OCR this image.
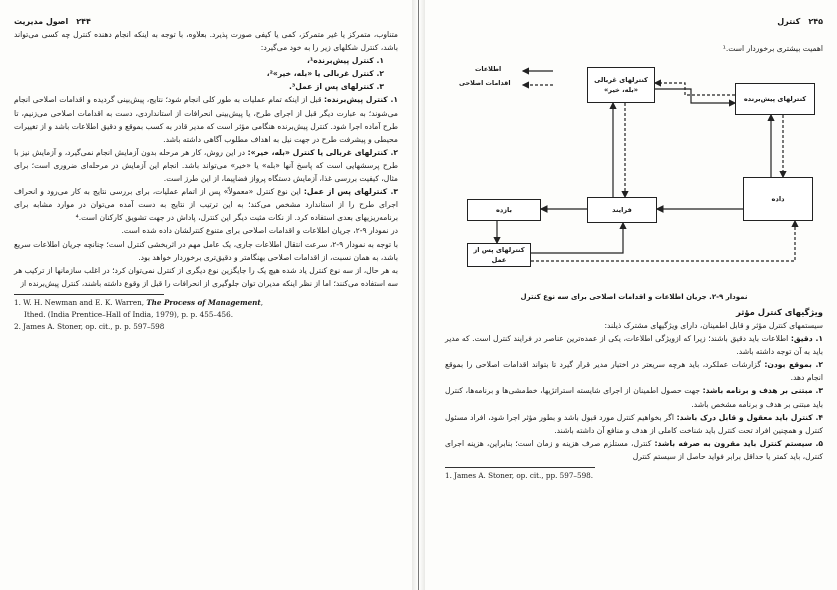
۲۴۴
اصول مدیریت

متناوب، متمرکز یا غیر متمرکز، کمی یا کیفی صورت پذیرد. بعلاوه، با توجه به اینکه انجام دهنده کنترل چه کسی می‌تواند باشد، کنترل شکلهای زیر را به خود می‌گیرد:

۱. کنترل پیش‌برنده¹،
۲. کنترل غربالی یا «بله، خیر»²،
۳. کنترلهای پس از عمل³.

۱. کنترل پیش‌برنده: قبل از اینکه تمام عملیات به طور کلی انجام شود؛ نتایج، پیش‌بینی گردیده و اقدامات اصلاحی انجام می‌شوند؛ به عبارت دیگر قبل از اجرای طرح، یا پیش‌بینی انحرافات از استانداردی، دست به اقدامات اصلاحی می‌زنیم، تا طرح آماده اجرا شود. کنترل پیش‌برنده هنگامی مؤثر است که مدیر قادر به کسب بموقع و دقیق اطلاعات باشد و از تغییرات محیطی و پیشرفت طرح در جهت نیل به اهداف مطلوب آگاهی داشته باشد.

۲. کنترلهای غربالی یا کنترل «بله، خیر»: در این روش، کار هر مرحله بدون آزمایش انجام نمی‌گیرد، و آزمایش نیز با طرح پرسشهایی است که پاسخ آنها «بله» یا «خیر» می‌تواند باشد. انجام این آزمایش در مرحله‌ای ضروری است؛ برای مثال، کیفیت بررسی غذا، آزمایش دستگاه پرواز فضاپیما، از این طرز است.

۳. کنترلهای پس از عمل: این نوع کنترل «معمولاً» پس از اتمام عملیات، برای بررسی نتایج به کار می‌رود و انحراف اجرای طرح را از استاندارد مشخص می‌کند؛ به این ترتیب از نتایج به دست آمده می‌توان در موارد مشابه برای برنامه‌ریزیهای بعدی استفاده کرد. از نکات مثبت دیگر این کنترل، پاداش در جهت تشویق کارکنان است.⁴

در نمودار ۹-۲، جریان اطلاعات و اقدامات اصلاحی برای متنوع کنترلشان داده شده است.

با توجه به نمودار ۹-۲، سرعت انتقال اطلاعات جاری، یک عامل مهم در اثربخشی کنترل است؛ چنانچه جریان اطلاعات سریع باشد، به همان نسبت، از اقدامات اصلاحی بهنگامتر و دقیق‌تری برخوردار خواهد بود.

به هر حال، از سه نوع کنترل یاد شده هیچ یک را جایگزین نوع دیگری از کنترل نمی‌توان کرد؛ در اغلب سازمانها از ترکیب هر سه استفاده می‌کنند؛ اما از نظر اینکه مدیران توان جلوگیری از انحرافات را قبل از وقوع داشته باشند، کنترل پیش‌برنده از

1. W. H. Newman and E. K. Warren, The Process of Management,

Ithed. (India Prentice–Hall of India, 1979), p. p. 455–456.

2. James A. Stoner, op. cit., p. p. 597–598

۲۴۵
کنترل
اهمیت بیشتری برخوردار است.¹
اطلاعات
اقدامات اصلاحی	کنترلهای غربالی
«بله، خیر»
کنترلهای پیش‌برنده
داده
فرایند
بازده
کنترلهای پس از عمل
نمودار ۹-۲. جریان اطلاعات و اقدامات اصلاحی برای سه نوع کنترل
ویژگیهای کنترل مؤثر

سیستمهای کنترل مؤثر و قابل اطمینان، دارای ویژگیهای مشترک ذیلند:

۱. دقیق: اطلاعات باید دقیق باشند؛ زیرا که ازویژگی اطلاعات، یکی از عمده‌ترین عناصر در فرایند کنترل است. که مدیر باید به آن توجه داشته باشد.

۲. بموقع بودن: گزارشات عملکرد، باید هرچه سریعتر در اختیار مدیر قرار گیرد تا بتواند اقدامات اصلاحی را بموقع انجام دهد.

۳. مبتنی بر هدف و برنامه باشد: جهت حصول اطمینان از اجرای شایسته استراتژیها، خط‌مشی‌ها و برنامه‌ها، کنترل باید مبتنی بر هدف و برنامه مشخص باشد.

۴. کنترل باید معقول و قابل درک باشد: اگر بخواهیم کنترل مورد قبول باشد و بطور مؤثر اجرا شود، افراد مسئول کنترل و همچنین افراد تحت کنترل باید شناخت کاملی از هدف و منافع آن داشته باشند.

۵. سیستم کنترل باید مقرون به صرفه باشد: کنترل، مستلزم صرف هزینه و زمان است؛ بنابراین، هزینه اجرای کنترل، باید کمتر یا حداقل برابر فواید حاصل از سیستم کنترل

1. James A. Stoner, op. cit., pp. 597–598.
